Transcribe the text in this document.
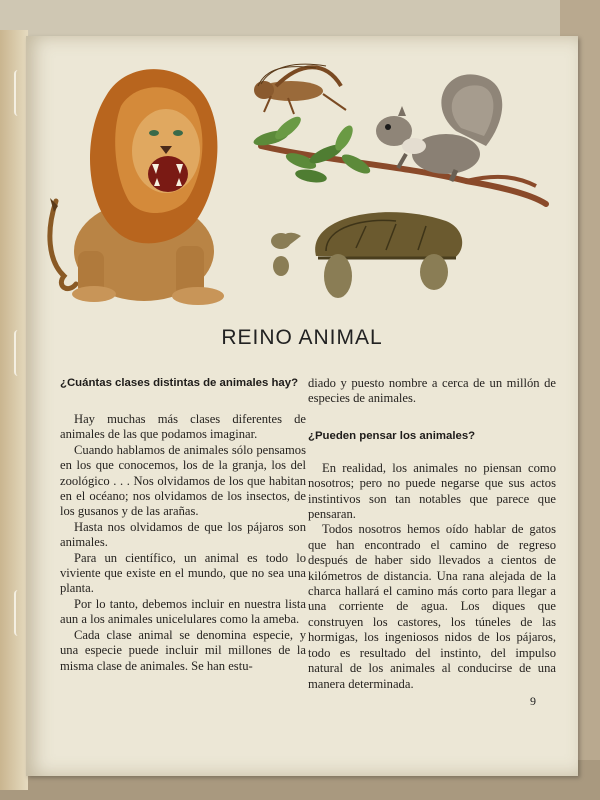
REINO ANIMAL

¿Cuántas clases distintas de animales hay?

Hay muchas más clases diferentes de animales de las que podamos imaginar.

Cuando hablamos de animales sólo pensamos en los que conocemos, los de la granja, los del zoológico . . . Nos olvidamos de los que habitan en el océano; nos olvidamos de los insectos, de los gusanos y de las arañas.

Hasta nos olvidamos de que los pájaros son animales.

Para un científico, un animal es todo lo viviente que existe en el mundo, que no sea una planta.

Por lo tanto, debemos incluir en nuestra lista aun a los animales unicelulares como la ameba.

Cada clase animal se denomina especie, y una especie puede incluir mil millones de la misma clase de animales. Se han estu-

diado y puesto nombre a cerca de un millón de especies de animales.

¿Pueden pensar los animales?

En realidad, los animales no piensan como nosotros; pero no puede negarse que sus actos instintivos son tan notables que parece que pensaran.

Todos nosotros hemos oído hablar de gatos que han encontrado el camino de regreso después de haber sido llevados a cientos de kilómetros de distancia. Una rana alejada de la charca hallará el camino más corto para llegar a una corriente de agua. Los diques que construyen los castores, los túneles de las hormigas, los ingeniosos nidos de los pájaros, todo es resultado del instinto, del impulso natural de los animales al conducirse de una manera determinada.

9
